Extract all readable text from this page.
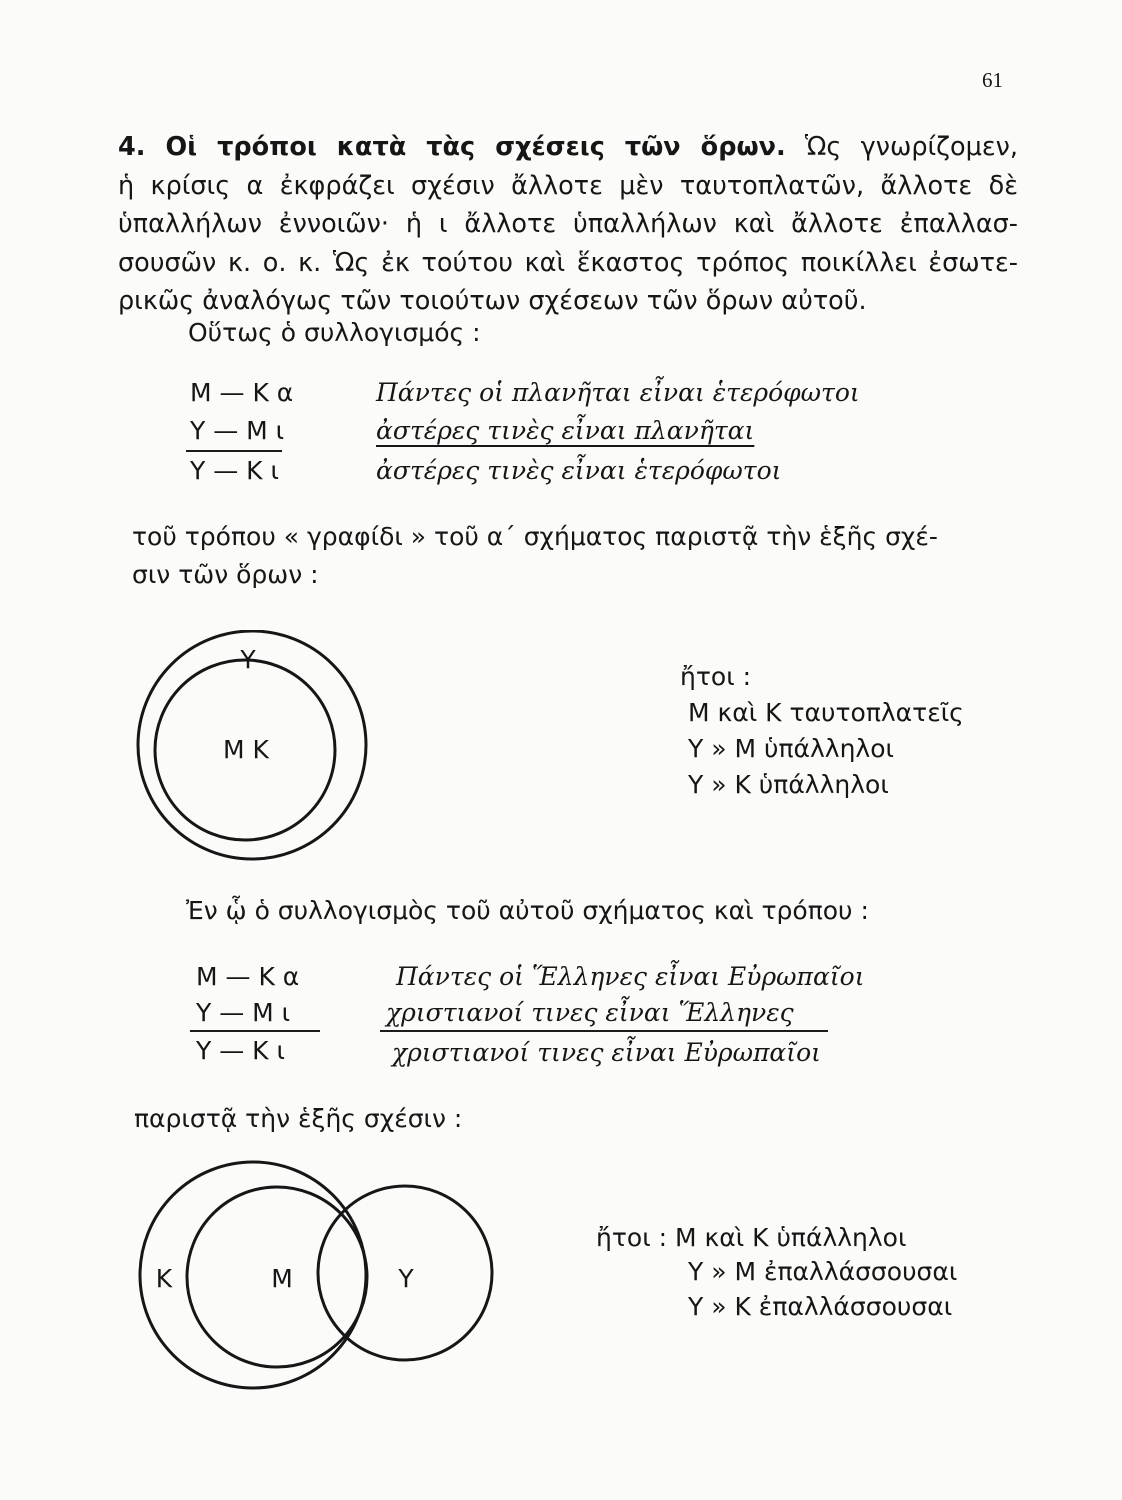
61
4. Οἱ τρόποι κατὰ τὰς σχέσεις τῶν ὅρων. Ὡς γνωρίζομεν,
ἡ κρίσις α ἐκφράζει σχέσιν ἄλλοτε μὲν ταυτοπλατῶν, ἄλλοτε δὲ
ὑπαλλήλων ἐννοιῶν· ἡ ι ἄλλοτε ὑπαλλήλων καὶ ἄλλοτε ἐπαλλασ-
σουσῶν κ. ο. κ. Ὡς ἐκ τούτου καὶ ἕκαστος τρόπος ποικίλλει ἐσωτε-
ρικῶς ἀναλόγως τῶν τοιούτων σχέσεων τῶν ὅρων αὐτοῦ.
Οὕτως ὁ συλλογισμός :
Μ — Κ α	Πάντες οἱ πλανῆται εἶναι ἑτερόφωτοι
Υ — Μ ι	ἀστέρες τινὲς εἶναι πλανῆται
Υ — Κ ι	ἀστέρες τινὲς εἶναι ἑτερόφωτοι
τοῦ τρόπου « γραφίδι » τοῦ α΄ σχήματος παριστᾷ τὴν ἑξῆς σχέ-
σιν τῶν ὅρων :
Υ
Μ Κ
ἤτοι :
Μ καὶ Κ ταυτοπλατεῖς
Υ » Μ ὑπάλληλοι
Υ » Κ ὑπάλληλοι
Ἐν ᾧ ὁ συλλογισμὸς τοῦ αὐτοῦ σχήματος καὶ τρόπου :
Μ — Κ α	Πάντες οἱ Ἕλληνες εἶναι Εὐρωπαῖοι
Υ — Μ ι	χριστιανοί τινες εἶναι Ἕλληνες
Υ — Κ ι	χριστιανοί τινες εἶναι Εὐρωπαῖοι
παριστᾷ τὴν ἑξῆς σχέσιν :
Κ	Μ	Υ
ἤτοι : Μ καὶ Κ ὑπάλληλοι
Υ » Μ ἐπαλλάσσουσαι
Υ » Κ ἐπαλλάσσουσαι
